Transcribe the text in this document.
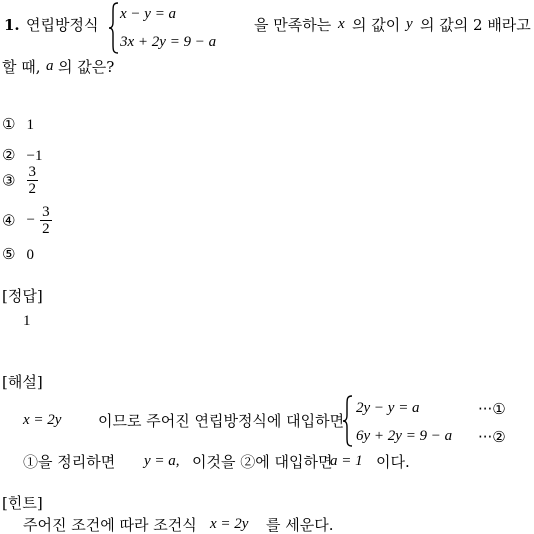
1. 연립방정식
x − y = a
3x + 2y = 9 − a
을 만족하는 x 의 값이 y 의 값의 2 배라고
할 때, a 의 값은?
① 1
② −1
③ $\frac{3}{2}$
④ − $\frac{3}{2}$
⑤ 0
[정답]
1
[해설]
x = 2y 이므로 주어진 연립방정식에 대입하면
2y − y = a	···①
6y + 2y = 9 − a ···②
①을 정리하면 y = a, 이것을 ②에 대입하면
a = 1 이다.
[힌트]
주어진 조건에 따라 조건식 x = 2y 를 세운다.
